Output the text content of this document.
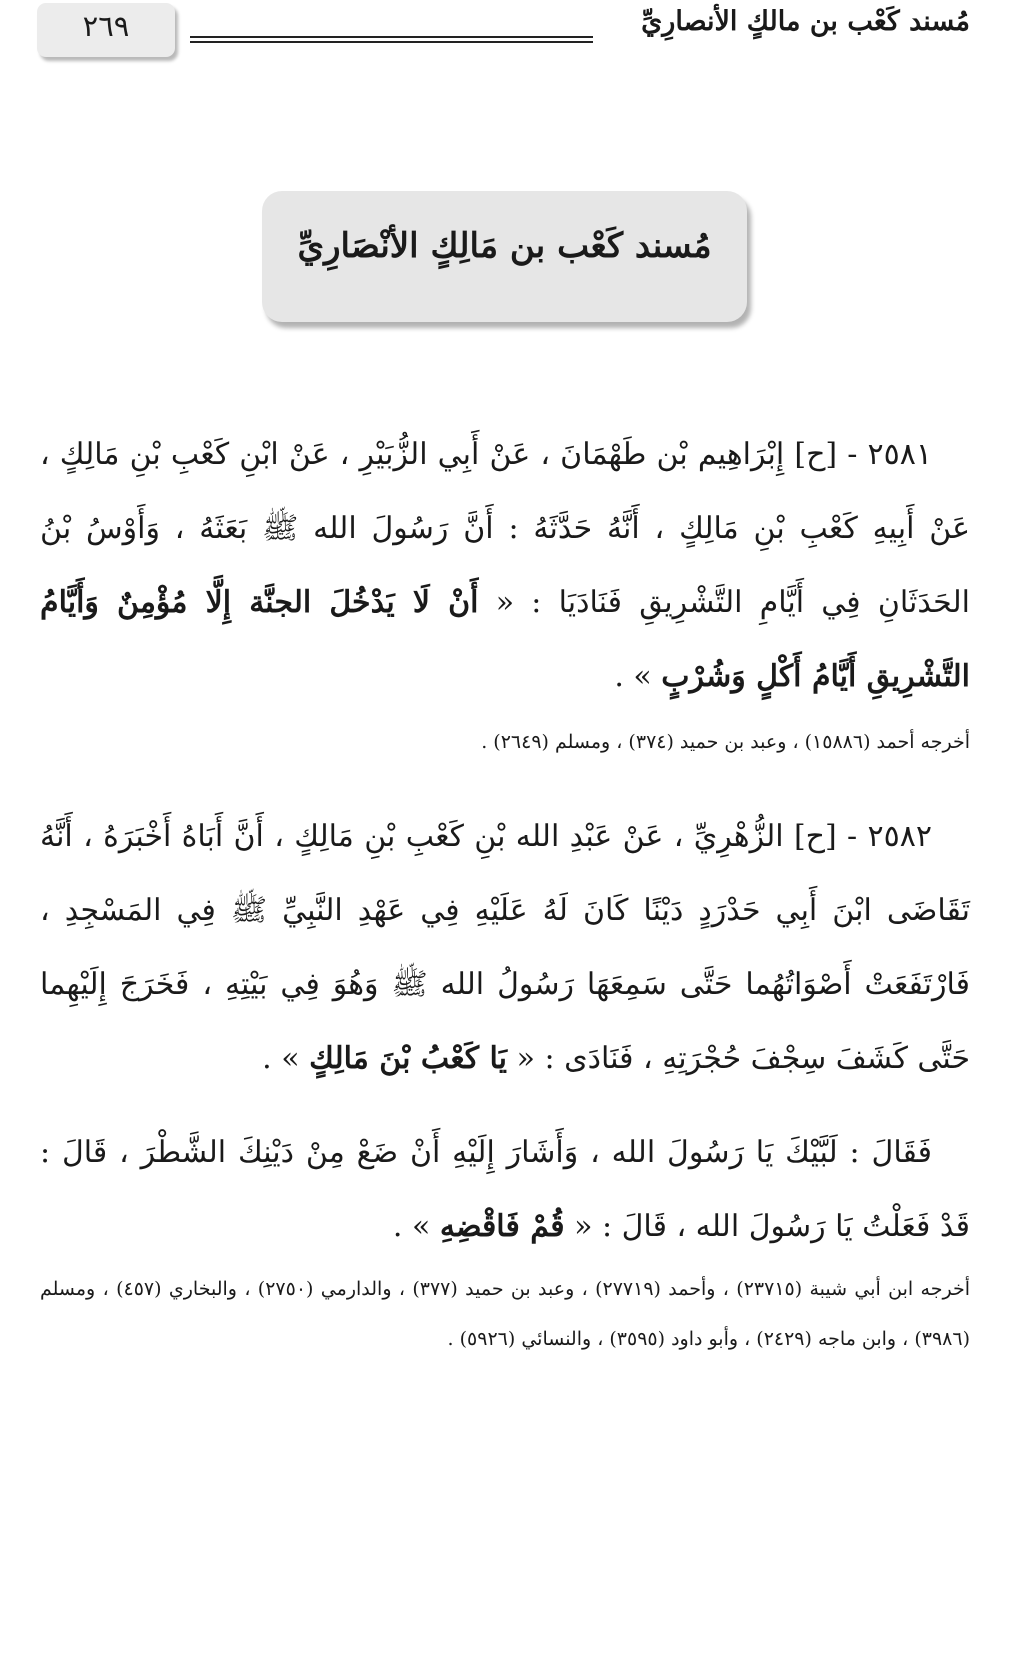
٢٦٩	مُسند كَعْب بن مالكٍ الأنصارِيِّ
مُسند كَعْب بن مَالِكٍ الأنْصَارِيِّ
٢٥٨١ - [ح] إِبْرَاهِيم بْن طَهْمَانَ ، عَنْ أَبِي الزُّبَيْرِ ، عَنْ ابْنِ كَعْبِ بْنِ مَالِكٍ ، عَنْ أَبِيهِ كَعْبِ بْنِ مَالِكٍ ، أَنَّهُ حَدَّثَهُ : أَنَّ رَسُولَ الله ﷺ بَعَثَهُ ، وَأَوْسُ بْنُ الحَدَثَانِ فِي أَيَّامِ التَّشْرِيقِ فَنَادَيَا : « أَنْ لَا يَدْخُلَ الجنَّة إِلَّا مُؤْمِنٌ وَأَيَّامُ التَّشْرِيقِ أَيَّامُ أَكْلٍ وَشُرْبٍ » .
أخرجه أحمد (١٥٨٨٦) ، وعبد بن حميد (٣٧٤) ، ومسلم (٢٦٤٩) .
٢٥٨٢ - [ح] الزُّهْرِيِّ ، عَنْ عَبْدِ الله بْنِ كَعْبِ بْنِ مَالِكٍ ، أَنَّ أَبَاهُ أَخْبَرَهُ ، أَنَّهُ تَقَاضَى ابْنَ أَبِي حَدْرَدٍ دَيْنًا كَانَ لَهُ عَلَيْهِ فِي عَهْدِ النَّبِيِّ ﷺ فِي المَسْجِدِ ، فَارْتَفَعَتْ أَصْوَاتُهُما حَتَّى سَمِعَهَا رَسُولُ الله ﷺ وَهُوَ فِي بَيْتِهِ ، فَخَرَجَ إِلَيْهِما حَتَّى كَشَفَ سِجْفَ حُجْرَتِهِ ، فَنَادَى : « يَا كَعْبُ بْنَ مَالِكٍ » .
فَقَالَ : لَبَّيْكَ يَا رَسُولَ الله ، وَأَشَارَ إِلَيْهِ أَنْ ضَعْ مِنْ دَيْنِكَ الشَّطْرَ ، قَالَ : قَدْ فَعَلْتُ يَا رَسُولَ الله ، قَالَ : « قُمْ فَاقْضِهِ » .
أخرجه ابن أبي شيبة (٢٣٧١٥) ، وأحمد (٢٧٧١٩) ، وعبد بن حميد (٣٧٧) ، والدارمي (٢٧٥٠) ، والبخاري (٤٥٧) ، ومسلم (٣٩٨٦) ، وابن ماجه (٢٤٢٩) ، وأبو داود (٣٥٩٥) ، والنسائي (٥٩٢٦) .
